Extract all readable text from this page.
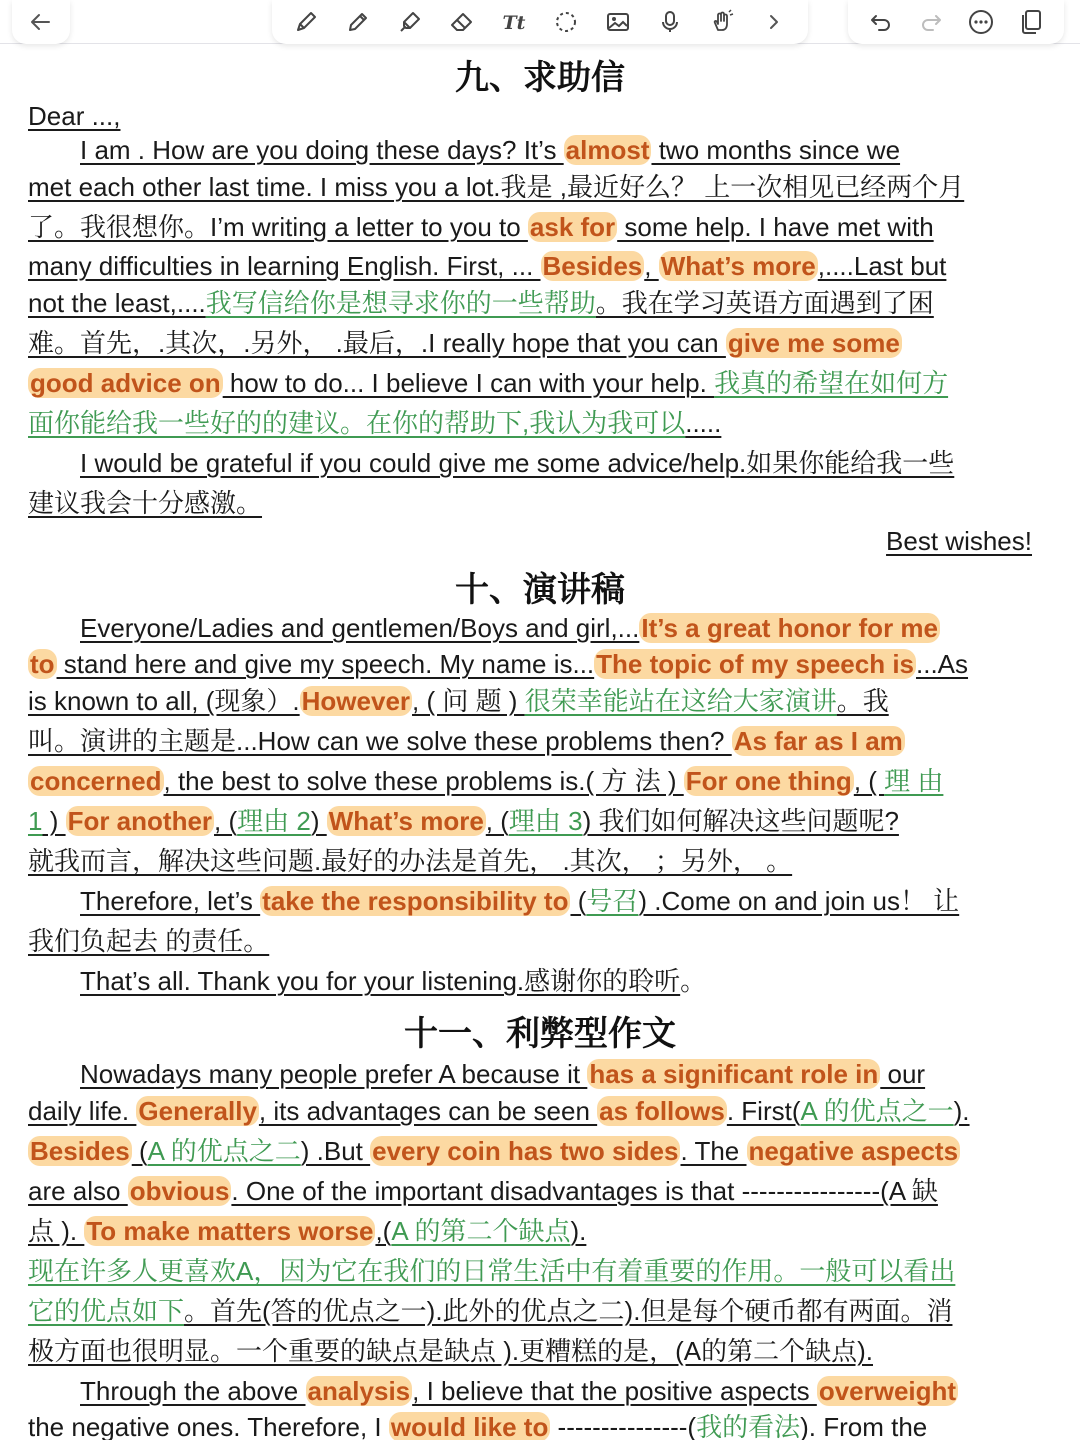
Tt
九、求助信
Dear ...,
I am . How are you doing these days? It’s almost two months since we
met each other last time. I miss you a lot.我是 ,最近好么？ 上一次相见已经两个月
了。我很想你。I’m writing a letter to you to ask for some help. I have met with
many difficulties in learning English. First, ... Besides, What’s more,....Last but
not the least,....我写信给你是想寻求你的一些帮助。我在学习英语方面遇到了困
难。首先，.其次，.另外， .最后，.I really hope that you can give me some
good advice on how to do... I believe I can with your help. 我真的希望在如何方
面你能给我一些好的的建议。在你的帮助下,我认为我可以.....
I would be grateful if you could give me some advice/help.如果你能给我一些
建议我会十分感激。
Best wishes!
十、演讲稿
Everyone/Ladies and gentlemen/Boys and girl,...It’s a great honor for me
to stand here and give my speech. My name is...The topic of my speech is...As
is known to all, (现象）.However, ( 问 题 ) 很荣幸能站在这给大家演讲。我
叫。演讲的主题是...How can we solve these problems then? As far as I am
concerned, the best to solve these problems is.( 方 法 ) For one thing, ( 理 由
1 ) For another, (理由 2) What’s more, (理由 3) 我们如何解决这些问题呢?
就我而言，解决这些问题.最好的办法是首先， .其次， ；另外， 。
Therefore, let’s take the responsibility to (号召) .Come on and join us！ 让
我们负起去 的责任。
That’s all. Thank you for your listening.感谢你的聆听。
十一、利弊型作文
Nowadays many people prefer A because it has a significant role in our
daily life. Generally, its advantages can be seen as follows. First(A 的优点之一).
Besides (A 的优点之二) .But every coin has two sides. The negative aspects
are also obvious. One of the important disadvantages is that ----------------(A 缺
点 ). To make matters worse,(A 的第二个缺点).
现在许多人更喜欢A，因为它在我们的日常生活中有着重要的作用。一般可以看出
它的优点如下。首先(答的优点之一).此外的优点之二).但是每个硬币都有两面。消
极方面也很明显。一个重要的缺点是缺点 ).更糟糕的是，(A的第二个缺点).
Through the above analysis, I believe that the positive aspects overweight
the negative ones. Therefore, I would like to ---------------(我的看法). From the
